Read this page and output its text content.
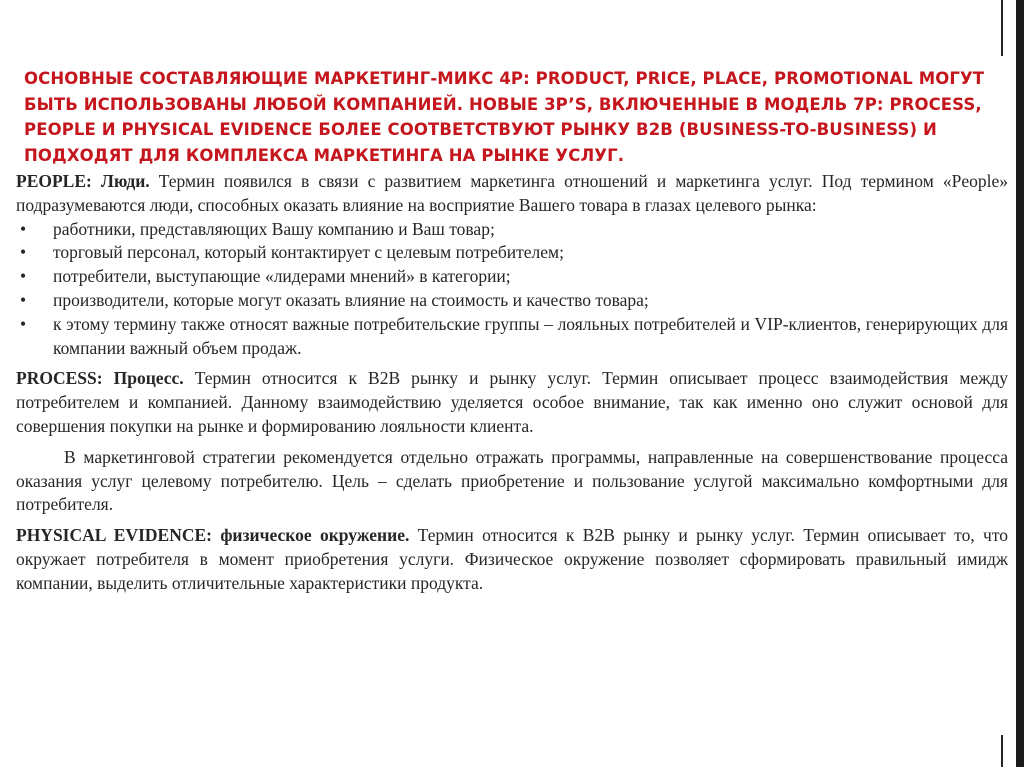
ОСНОВНЫЕ СОСТАВЛЯЮЩИЕ МАРКЕТИНГ-МИКС 4P: PRODUCT, PRICE, PLACE, PROMOTIONAL МОГУТ БЫТЬ ИСПОЛЬЗОВАНЫ ЛЮБОЙ КОМПАНИЕЙ. НОВЫЕ 3P’S, ВКЛЮЧЕННЫЕ В МОДЕЛЬ 7P: PROCESS, PEOPLE И PHYSICAL EVIDENCE БОЛЕЕ СООТВЕТСТВУЮТ РЫНКУ B2B (BUSINESS-TO-BUSINESS) И ПОДХОДЯТ ДЛЯ КОМПЛЕКСА МАРКЕТИНГА НА РЫНКЕ УСЛУГ.

PEOPLE: Люди. Термин появился в связи с развитием маркетинга отношений и маркетинга услуг. Под термином «People» подразумеваются люди, способных оказать влияние на восприятие Вашего товара в глазах целевого рынка:

• работники, представляющих Вашу компанию и Ваш товар;
• торговый персонал, который контактирует с целевым потребителем;
• потребители, выступающие «лидерами мнений» в категории;
• производители, которые могут оказать влияние на стоимость и качество товара;
• к этому термину также относят важные потребительские группы – лояльных потребителей и VIP-клиентов, генерирующих для компании важный объем продаж.

PROCESS: Процесс. Термин относится к B2B рынку и рынку услуг. Термин описывает процесс взаимодействия между потребителем и компанией. Данному взаимодействию уделяется особое внимание, так как именно оно служит основой для совершения покупки на рынке и формированию лояльности клиента.

В маркетинговой стратегии рекомендуется отдельно отражать программы, направленные на совершенствование процесса оказания услуг целевому потребителю. Цель – сделать приобретение и пользование услугой максимально комфортными для потребителя.

PHYSICAL EVIDENCE: физическое окружение. Термин относится к B2B рынку и рынку услуг. Термин описывает то, что окружает потребителя в момент приобретения услуги. Физическое окружение позволяет сформировать правильный имидж компании, выделить отличительные характеристики продукта.
